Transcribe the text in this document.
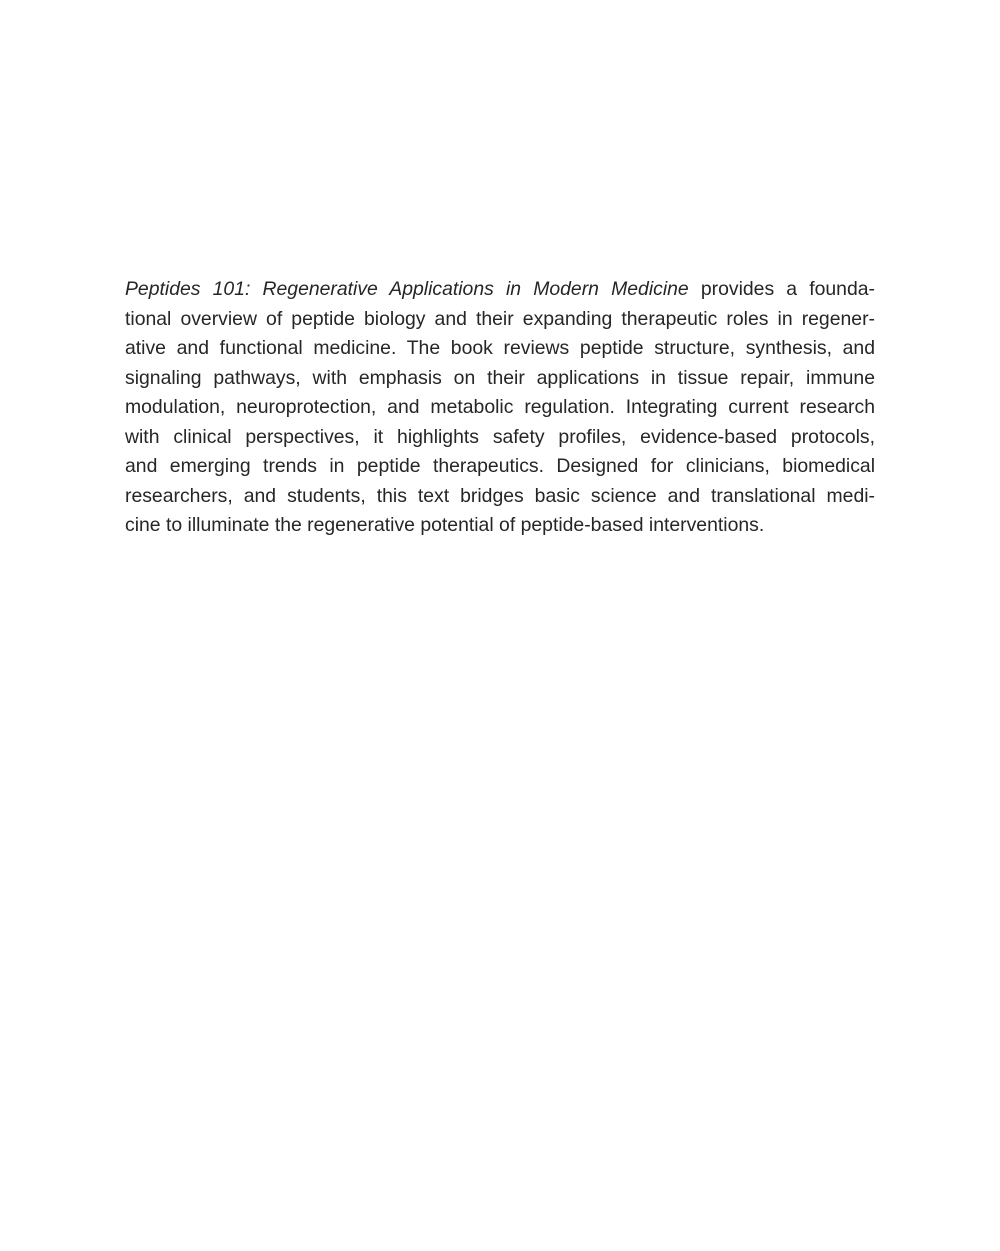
Peptides 101: Regenerative Applications in Modern Medicine provides a founda-
tional overview of peptide biology and their expanding therapeutic roles in regener-
ative and functional medicine. The book reviews peptide structure, synthesis, and
signaling pathways, with emphasis on their applications in tissue repair, immune
modulation, neuroprotection, and metabolic regulation. Integrating current research
with clinical perspectives, it highlights safety profiles, evidence-based protocols,
and emerging trends in peptide therapeutics. Designed for clinicians, biomedical
researchers, and students, this text bridges basic science and translational medi-
cine to illuminate the regenerative potential of peptide-based interventions.
